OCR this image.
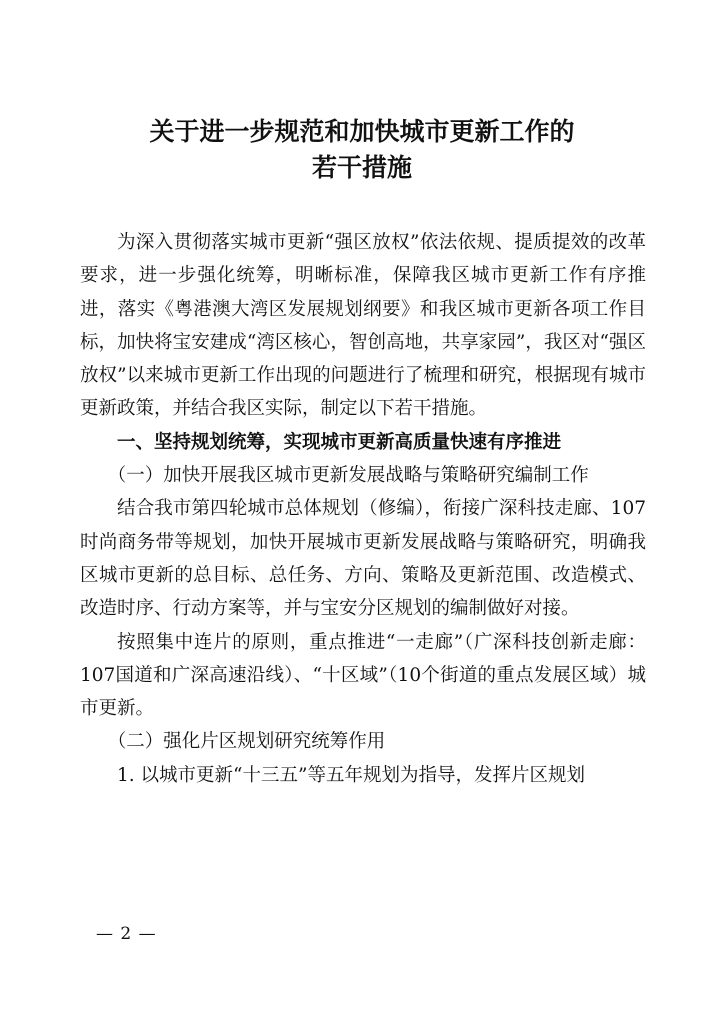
关于进一步规范和加快城市更新工作的
若干措施

为深入贯彻落实城市更新“强区放权”依法依规、提质提效的改革要求，进一步强化统筹，明晰标准，保障我区城市更新工作有序推进，落实《粤港澳大湾区发展规划纲要》和我区城市更新各项工作目标，加快将宝安建成“湾区核心，智创高地，共享家园”，我区对“强区放权”以来城市更新工作出现的问题进行了梳理和研究，根据现有城市更新政策，并结合我区实际，制定以下若干措施。

一、坚持规划统筹，实现城市更新高质量快速有序推进

（一）加快开展我区城市更新发展战略与策略研究编制工作

结合我市第四轮城市总体规划（修编），衔接广深科技走廊、107时尚商务带等规划，加快开展城市更新发展战略与策略研究，明确我区城市更新的总目标、总任务、方向、策略及更新范围、改造模式、改造时序、行动方案等，并与宝安分区规划的编制做好对接。

按照集中连片的原则，重点推进“一走廊”（广深科技创新走廊：107国道和广深高速沿线）、“十区域”（10个街道的重点发展区域）城市更新。

（二）强化片区规划研究统筹作用

1. 以城市更新“十三五”等五年规划为指导，发挥片区规划

— 2 —
